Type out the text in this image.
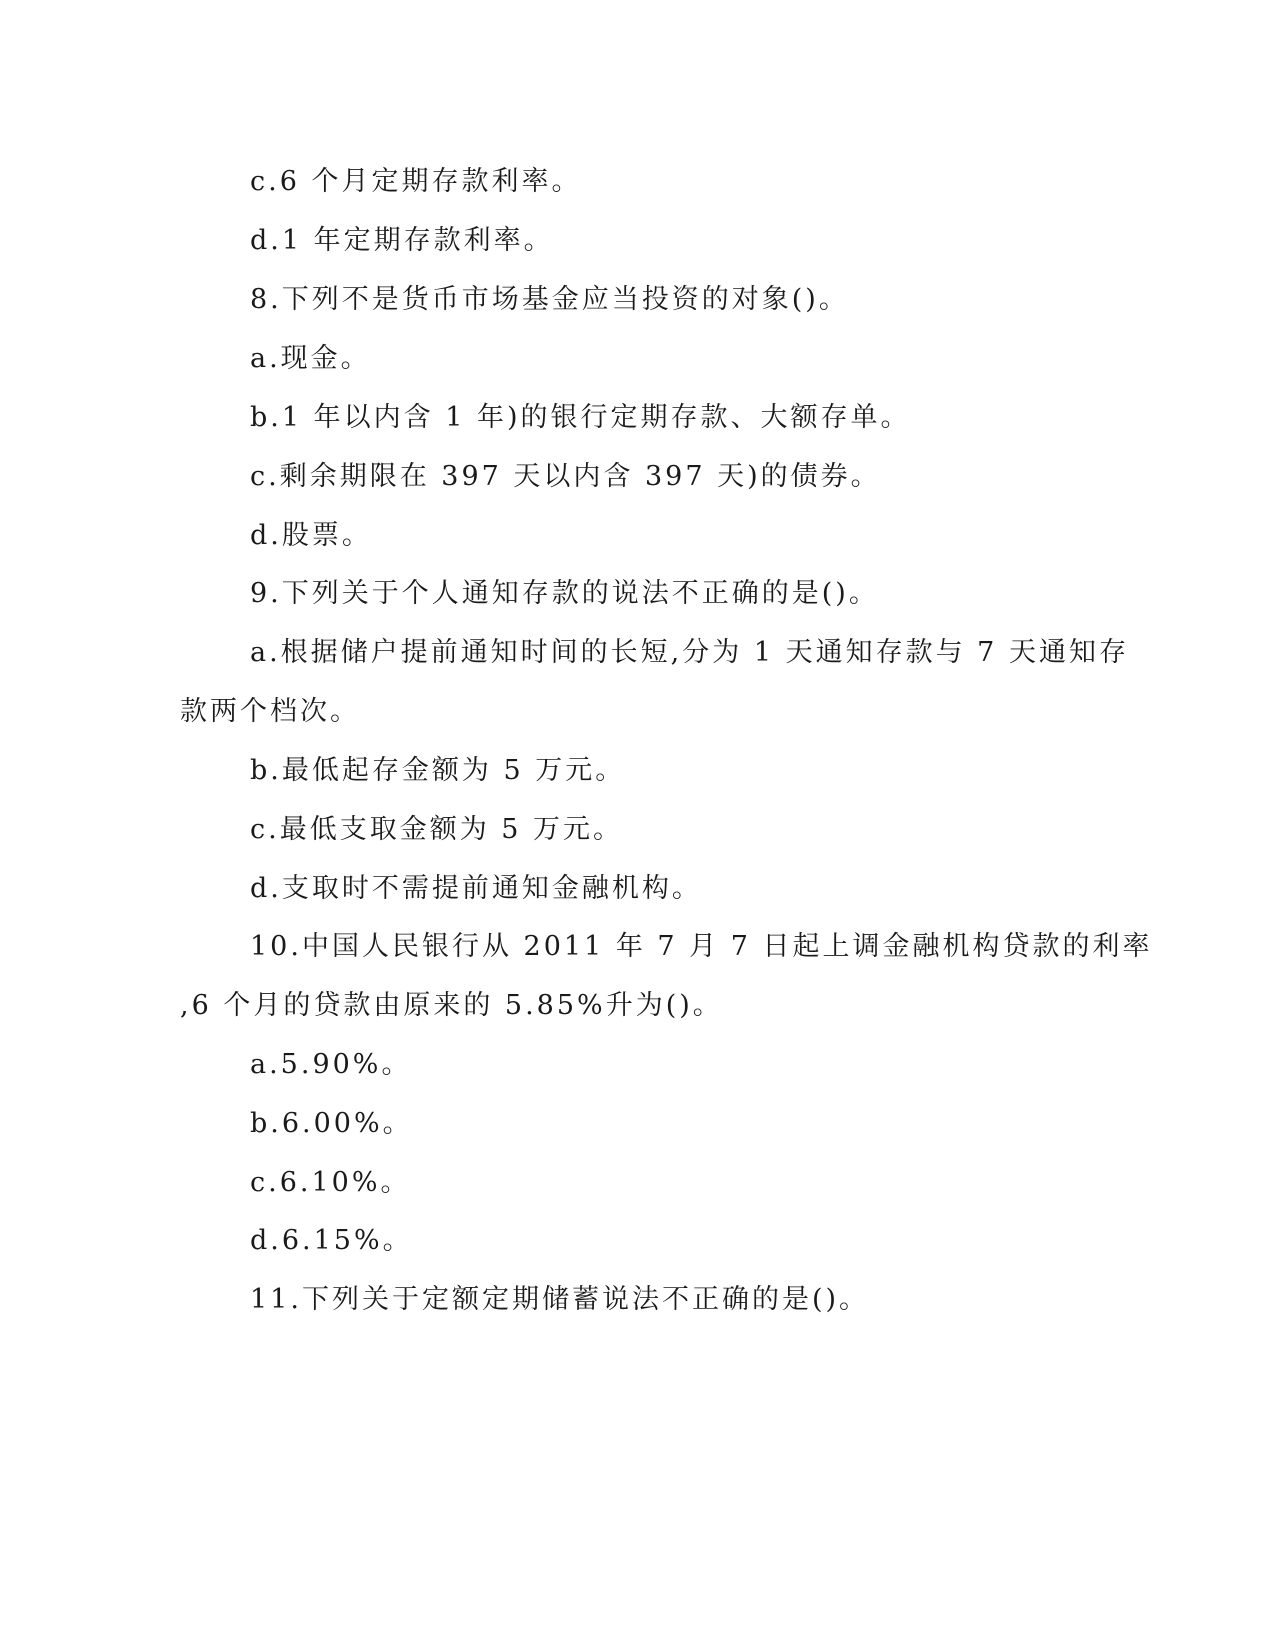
c.6 个月定期存款利率。
d.1 年定期存款利率。
8.下列不是货币市场基金应当投资的对象()。
a.现金。
b.1 年以内含 1 年)的银行定期存款、大额存单。
c.剩余期限在 397 天以内含 397 天)的债券。
d.股票。
9.下列关于个人通知存款的说法不正确的是()。
a.根据储户提前通知时间的长短,分为 1 天通知存款与 7 天通知存
款两个档次。
b.最低起存金额为 5 万元。
c.最低支取金额为 5 万元。
d.支取时不需提前通知金融机构。
10.中国人民银行从 2011 年 7 月 7 日起上调金融机构贷款的利率
,6 个月的贷款由原来的 5.85%升为()。
a.5.90%。
b.6.00%。
c.6.10%。
d.6.15%。
11.下列关于定额定期储蓄说法不正确的是()。
